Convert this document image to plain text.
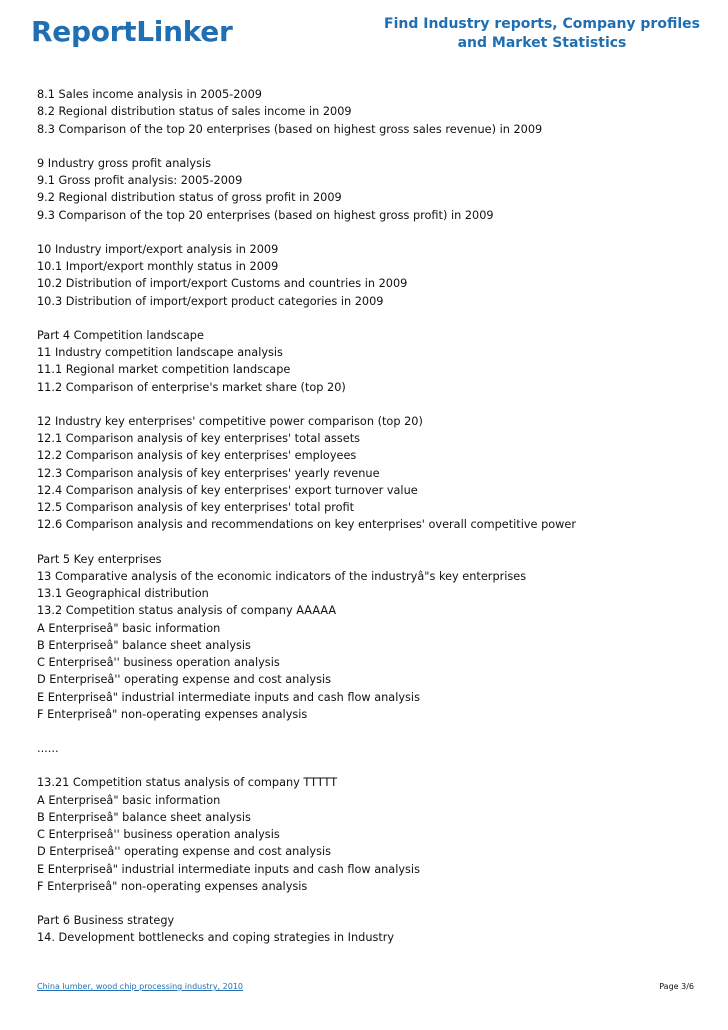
ReportLinker	Find Industry reports, Company profiles
and Market Statistics
8.1 Sales income analysis in 2005-2009
8.2 Regional distribution status of sales income in 2009
8.3 Comparison of the top 20 enterprises (based on highest gross sales revenue) in 2009
9 Industry gross profit analysis
9.1 Gross profit analysis: 2005-2009
9.2 Regional distribution status of gross profit in 2009
9.3 Comparison of the top 20 enterprises (based on highest gross profit) in 2009
10 Industry import/export analysis in 2009
10.1 Import/export monthly status in 2009
10.2 Distribution of import/export Customs and countries in 2009
10.3 Distribution of import/export product categories in 2009
Part 4 Competition landscape
11 Industry competition landscape analysis
11.1 Regional market competition landscape
11.2 Comparison of enterprise's market share (top 20)
12 Industry key enterprises' competitive power comparison (top 20)
12.1 Comparison analysis of key enterprises' total assets
12.2 Comparison analysis of key enterprises' employees
12.3 Comparison analysis of key enterprises' yearly revenue
12.4 Comparison analysis of key enterprises' export turnover value
12.5 Comparison analysis of key enterprises' total profit
12.6 Comparison analysis and recommendations on key enterprises' overall competitive power
Part 5 Key enterprises
13 Comparative analysis of the economic indicators of the industryâ"s key enterprises
13.1 Geographical distribution
13.2 Competition status analysis of company AAAAA
A Enterpriseâ" basic information
B Enterpriseâ" balance sheet analysis
C Enterpriseâ'' business operation analysis
D Enterpriseâ'' operating expense and cost analysis
E Enterpriseâ" industrial intermediate inputs and cash flow analysis
F Enterpriseâ" non-operating expenses analysis
......
13.21 Competition status analysis of company TTTTT
A Enterpriseâ" basic information
B Enterpriseâ" balance sheet analysis
C Enterpriseâ'' business operation analysis
D Enterpriseâ'' operating expense and cost analysis
E Enterpriseâ" industrial intermediate inputs and cash flow analysis
F Enterpriseâ" non-operating expenses analysis
Part 6 Business strategy
14. Development bottlenecks and coping strategies in Industry
China lumber, wood chip processing industry, 2010	Page 3/6
